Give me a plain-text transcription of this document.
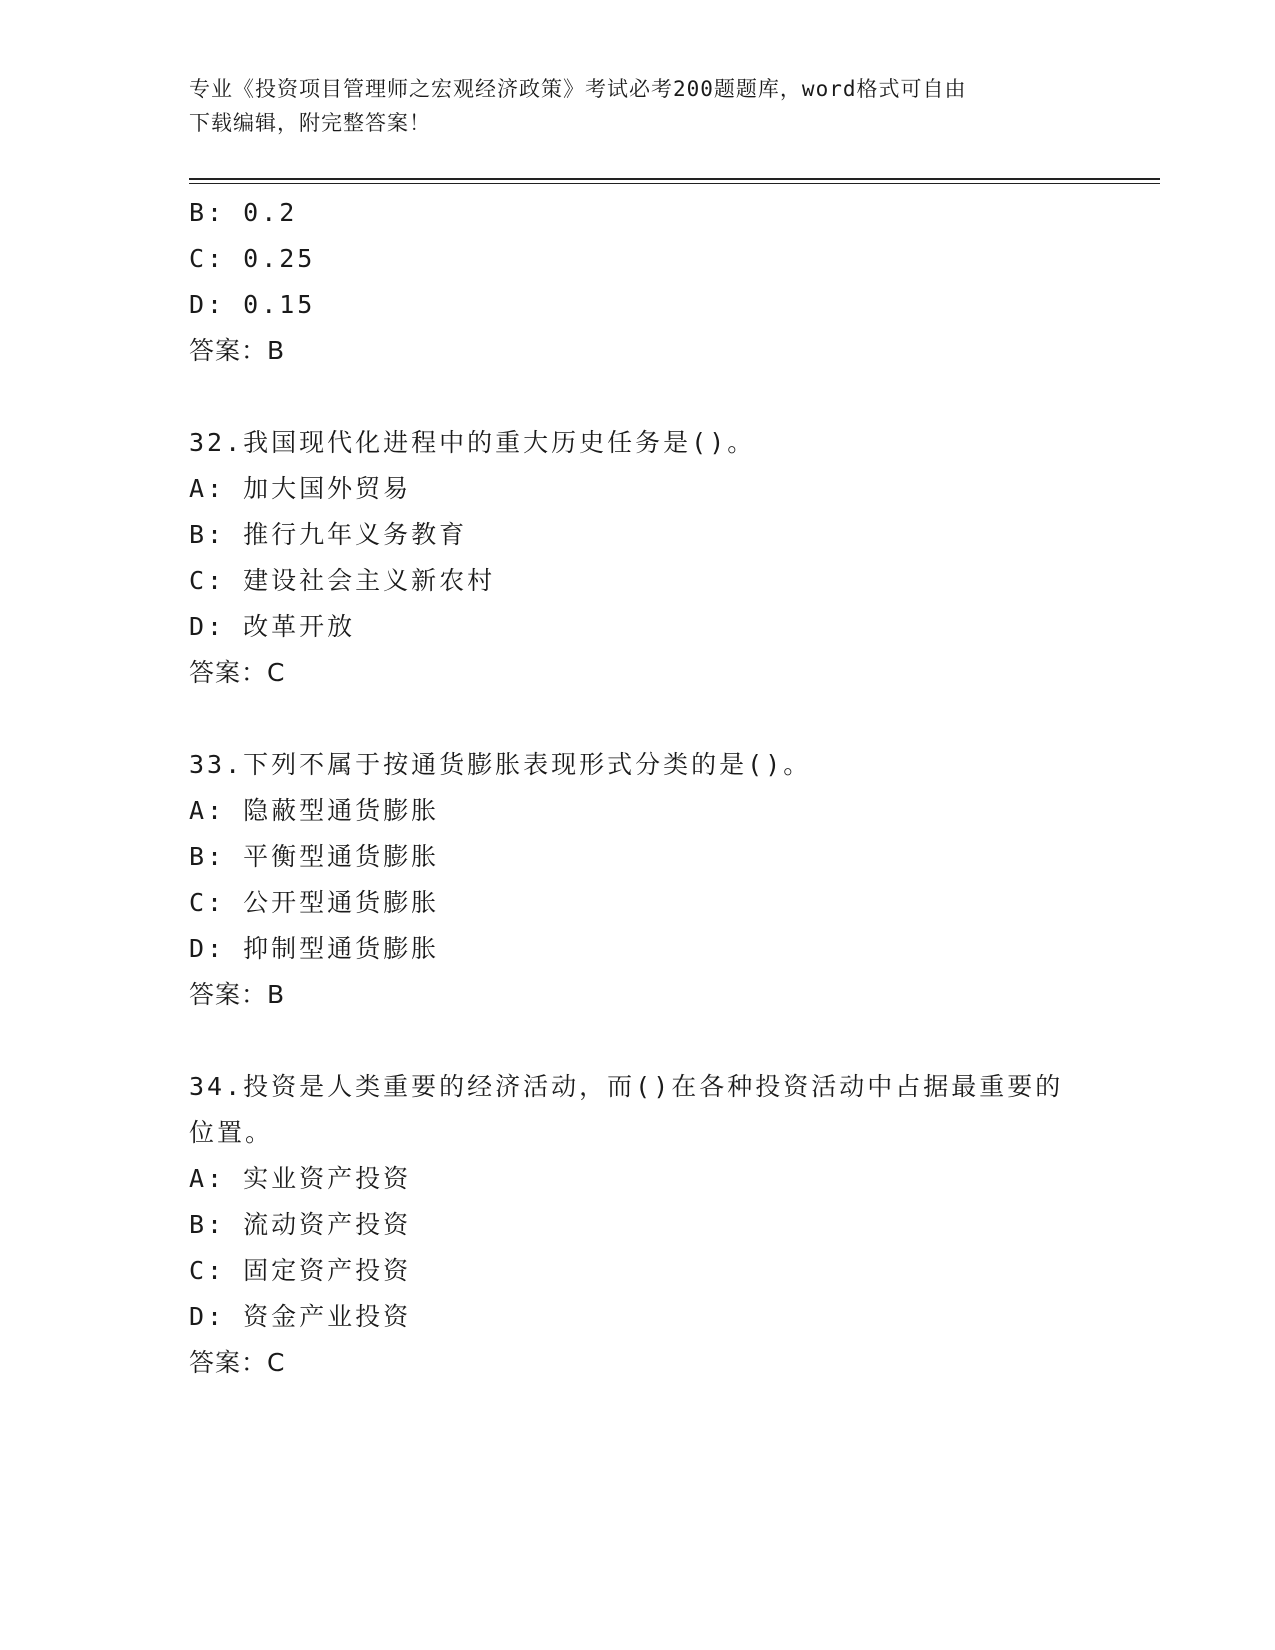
专业《投资项目管理师之宏观经济政策》考试必考200题题库，word格式可自由
下载编辑，附完整答案！
B: 0.2
C: 0.25
D: 0.15
答案：B
32.我国现代化进程中的重大历史任务是()。
A: 加大国外贸易
B: 推行九年义务教育
C: 建设社会主义新农村
D: 改革开放
答案：C
33.下列不属于按通货膨胀表现形式分类的是()。
A: 隐蔽型通货膨胀
B: 平衡型通货膨胀
C: 公开型通货膨胀
D: 抑制型通货膨胀
答案：B
34.投资是人类重要的经济活动，而()在各种投资活动中占据最重要的
位置。
A: 实业资产投资
B: 流动资产投资
C: 固定资产投资
D: 资金产业投资
答案：C
